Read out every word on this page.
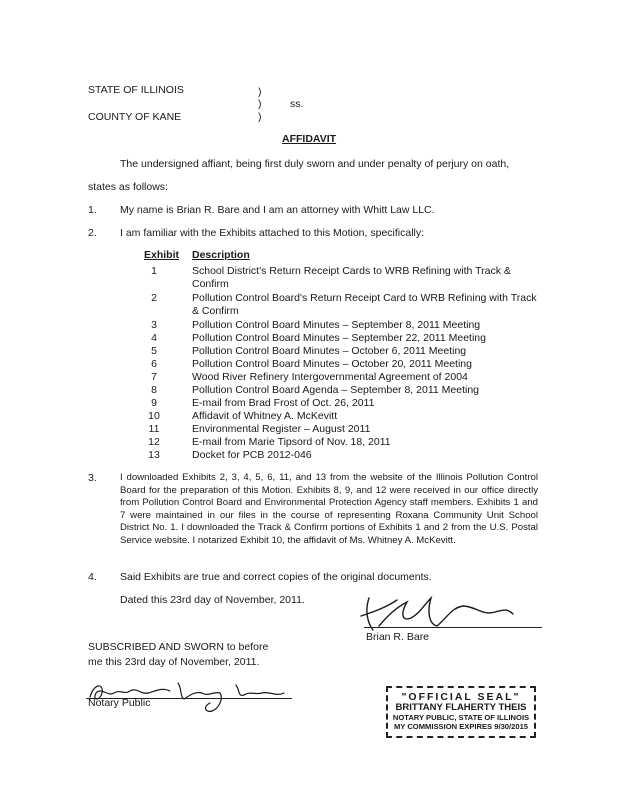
STATE OF ILLINOIS	)
)	ss.
)
COUNTY OF KANE
AFFIDAVIT
The undersigned affiant, being first duly sworn and under penalty of perjury on oath,
states as follows:
1. My name is Brian R. Bare and I am an attorney with Whitt Law LLC.
2. I am familiar with the Exhibits attached to this Motion, specifically:
Exhibit Description
1	School District's Return Receipt Cards to WRB Refining with Track & Confirm
2	Pollution Control Board's Return Receipt Card to WRB Refining with Track & Confirm
3	Pollution Control Board Minutes – September 8, 2011 Meeting
4	Pollution Control Board Minutes – September 22, 2011 Meeting
5	Pollution Control Board Minutes – October 6, 2011 Meeting
6	Pollution Control Board Minutes – October 20, 2011 Meeting
7	Wood River Refinery Intergovernmental Agreement of 2004
8	Pollution Control Board Agenda – September 8, 2011 Meeting
9	E-mail from Brad Frost of Oct. 26, 2011
10	Affidavit of Whitney A. McKevitt
11	Environmental Register – August 2011
12	E-mail from Marie Tipsord of Nov. 18, 2011
13	Docket for PCB 2012-046
3. I downloaded Exhibits 2, 3, 4, 5, 6, 11, and 13 from the website of the Illinois Pollution Control Board for the preparation of this Motion. Exhibits 8, 9, and 12 were received in our office directly from Pollution Control Board and Environmental Protection Agency staff members. Exhibits 1 and 7 were maintained in our files in the course of representing Roxana Community Unit School District No. 1. I downloaded the Track & Confirm portions of Exhibits 1 and 2 from the U.S. Postal Service website. I notarized Exhibit 10, the affidavit of Ms. Whitney A. McKevitt.
4. Said Exhibits are true and correct copies of the original documents.
Dated this 23rd day of November, 2011.
Brian R. Bare
SUBSCRIBED AND SWORN to before
me this 23rd day of November, 2011.
Notary Public	"OFFICIAL SEAL"
BRITTANY FLAHERTY THEIS
NOTARY PUBLIC, STATE OF ILLINOIS
MY COMMISSION EXPIRES 9/30/2015
